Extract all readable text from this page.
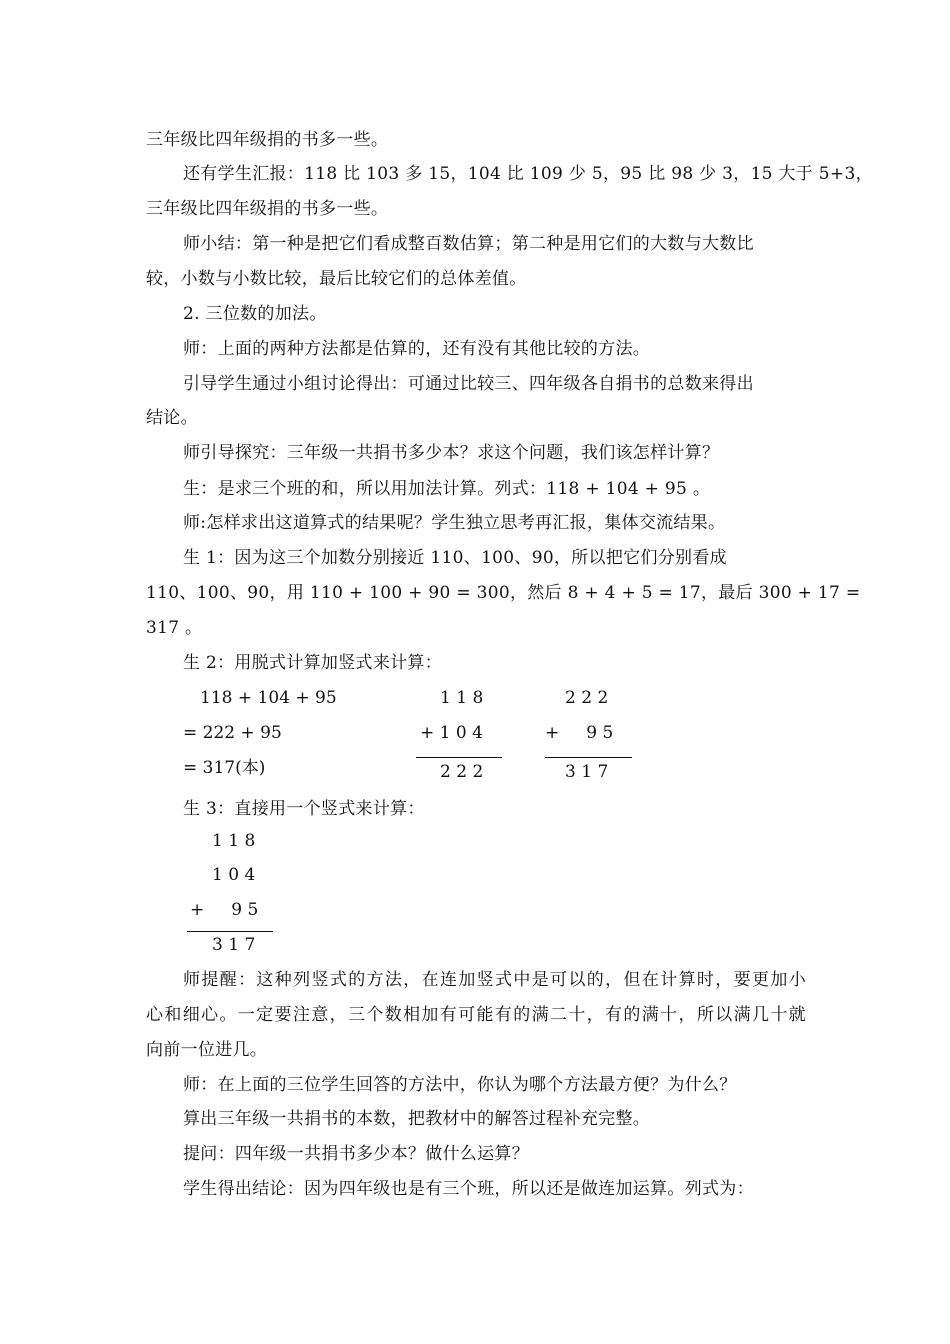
三年级比四年级捐的书多一些。
还有学生汇报：118 比 103 多 15，104 比 109 少 5，95 比 98 少 3，15 大于 5+3，
三年级比四年级捐的书多一些。
师小结：第一种是把它们看成整百数估算；第二种是用它们的大数与大数比
较，小数与小数比较，最后比较它们的总体差值。
2. 三位数的加法。
师：上面的两种方法都是估算的，还有没有其他比较的方法。
引导学生通过小组讨论得出：可通过比较三、四年级各自捐书的总数来得出
结论。
师引导探究：三年级一共捐书多少本？求这个问题，我们该怎样计算？
生：是求三个班的和，所以用加法计算。列式：118 + 104 + 95 。
师:怎样求出这道算式的结果呢？学生独立思考再汇报，集体交流结果。
生 1：因为这三个加数分别接近 110、100、90，所以把它们分别看成
110、100、90，用 110 + 100 + 90 = 300，然后 8 + 4 + 5 = 17，最后 300 + 17 =
317 。
生 2：用脱式计算加竖式来计算：
118 + 104 + 95
= 222 + 95
= 317(本)
1 1 8
+ 1 0 4
2 2 2
2 2 2
+     9 5
3 1 7
生 3：直接用一个竖式来计算：
1 1 8
1 0 4
+     9 5
3 1 7
师提醒：这种列竖式的方法，在连加竖式中是可以的，但在计算时，要更加小
心和细心。一定要注意，三个数相加有可能有的满二十，有的满十，所以满几十就
向前一位进几。
师：在上面的三位学生回答的方法中，你认为哪个方法最方便？为什么？
算出三年级一共捐书的本数，把教材中的解答过程补充完整。
提问：四年级一共捐书多少本？做什么运算？
学生得出结论：因为四年级也是有三个班，所以还是做连加运算。列式为：
